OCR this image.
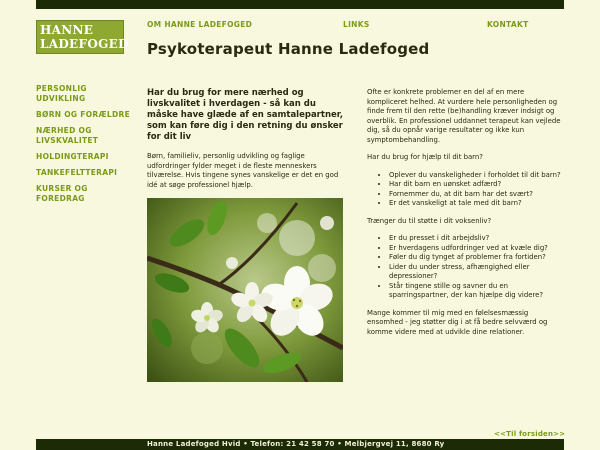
HANNE
LADEFOGED
OM HANNE LADEFOGED	LINKS	KONTAKT
Psykoterapeut Hanne Ladefoged
PERSONLIG UDVIKLING
BØRN OG FORÆLDRE
NÆRHED OG LIVSKVALITET
HOLDINGTERAPI
TANKEFELTTERAPI
KURSER OG FOREDRAG

Har du brug for mere nærhed og livskvalitet i hverdagen - så kan du måske have glæde af en samtalepartner, som kan føre dig i den retning du ønsker for dit liv

Børn, familieliv, personlig udvikling og faglige udfordringer fylder meget i de fleste menneskers tilværelse. Hvis tingene synes vanskelige er det en god idé at søge professionel hjælp.

Ofte er konkrete problemer en del af en mere kompliceret helhed. At vurdere hele personligheden og finde frem til den rette (be)handling kræver indsigt og overblik. En professionel uddannet terapeut kan vejlede dig, så du opnår varige resultater og ikke kun symptombehandling.

Har du brug for hjælp til dit barn?

• Oplever du vanskeligheder i forholdet til dit barn?
• Har dit barn en uønsket adfærd?
• Fornemmer du, at dit barn har det svært?
• Er det vanskeligt at tale med dit barn?

Trænger du til støtte i dit voksenliv?

• Er du presset i dit arbejdsliv?
• Er hverdagens udfordringer ved at kvæle dig?
• Føler du dig tynget af problemer fra fortiden?
• Lider du under stress, afhængighed eller depressioner?
• Står tingene stille og savner du en sparringspartner, der kan hjælpe dig videre?

Mange kommer til mig med en følelsesmæssig ensomhed - jeg støtter dig i at få bedre selvværd og komme videre med at udvikle dine relationer.

<<Til forsiden>>
Hanne Ladefoged Hvid • Telefon: 21 42 58 70 • Melbjergvej 11, 8680 Ry
